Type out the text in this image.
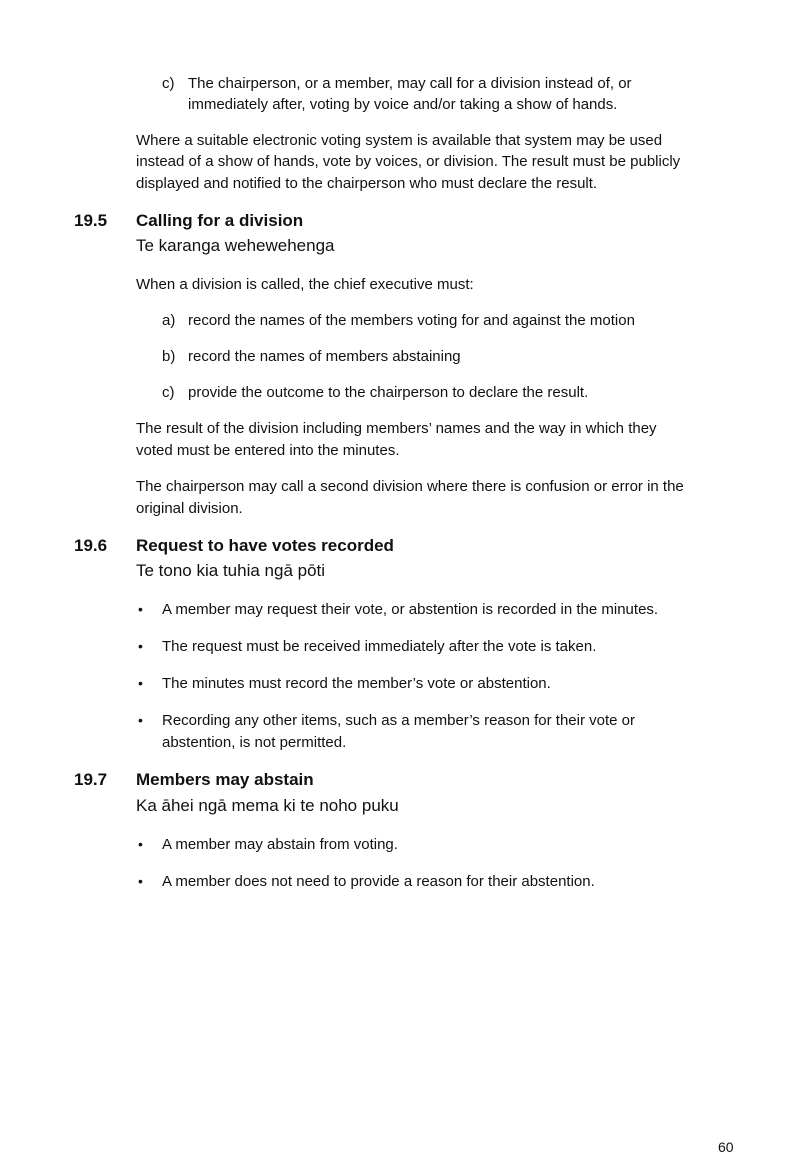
c) The chairperson, or a member, may call for a division instead of, or
immediately after, voting by voice and/or taking a show of hands.
Where a suitable electronic voting system is available that system may be used
instead of a show of hands, vote by voices, or division. The result must be publicly
displayed and notified to the chairperson who must declare the result.
19.5 Calling for a division
Te karanga wehewehenga
When a division is called, the chief executive must:
a) record the names of the members voting for and against the motion
b) record the names of members abstaining
c) provide the outcome to the chairperson to declare the result.
The result of the division including members’ names and the way in which they
voted must be entered into the minutes.
The chairperson may call a second division where there is confusion or error in the
original division.
19.6 Request to have votes recorded
Te tono kia tuhia ngā pōti
• A member may request their vote, or abstention is recorded in the minutes.
• The request must be received immediately after the vote is taken.
• The minutes must record the member’s vote or abstention.
• Recording any other items, such as a member’s reason for their vote or
abstention, is not permitted.
19.7 Members may abstain
Ka āhei ngā mema ki te noho puku
• A member may abstain from voting.
• A member does not need to provide a reason for their abstention.
60
